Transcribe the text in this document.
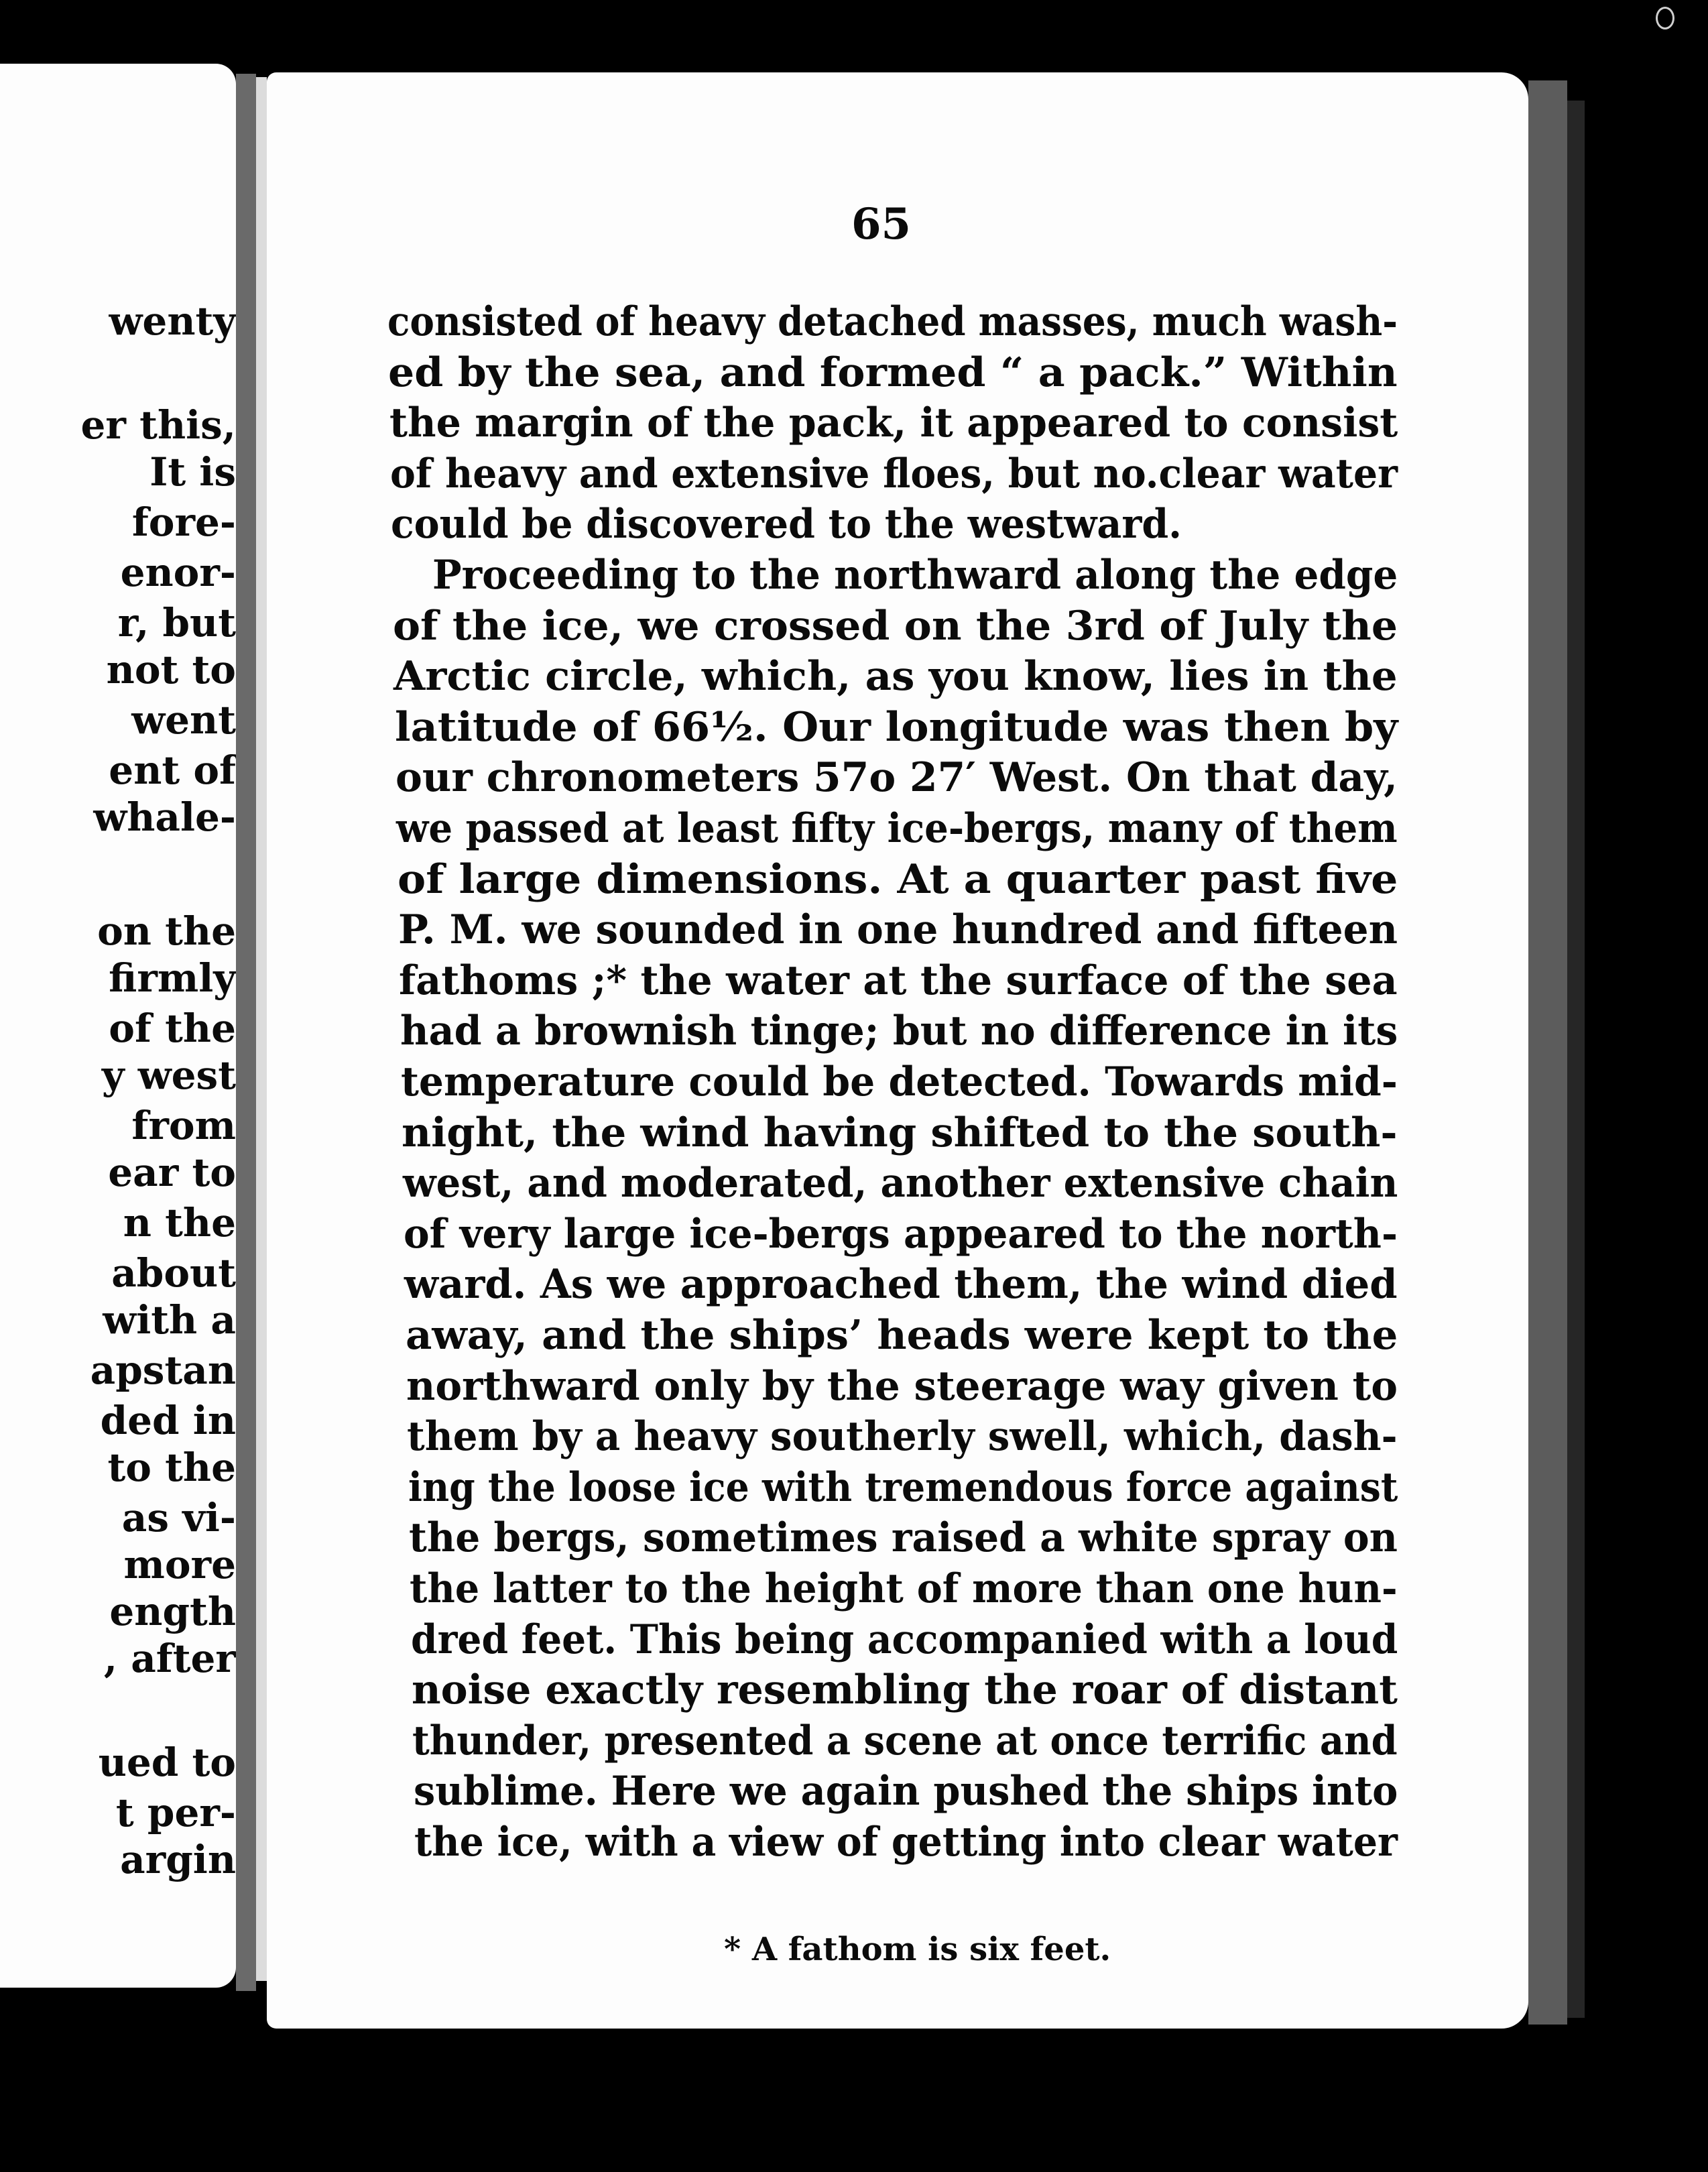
wenty
er this,
It is
fore-
enor-
r, but
not to
went
ent of
whale-
on the
firmly
of the
y west
from
ear to
n the
about
with a
apstan
ded in
to the
as vi-
more
ength
, after
ued to
t per-
argin
65
consisted of heavy detached masses, much wash-
ed by the sea, and formed “ a pack.” Within
the margin of the pack, it appeared to consist
of heavy and extensive floes, but no.clear water
could be discovered to the westward.
Proceeding to the northward along the edge
of the ice, we crossed on the 3rd of July the
Arctic circle, which, as you know, lies in the
latitude of 66½. Our longitude was then by
our chronometers 57o 27′ West. On that day,
we passed at least fifty ice-bergs, many of them
of large dimensions. At a quarter past five
P. M. we sounded in one hundred and fifteen
fathoms ;* the water at the surface of the sea
had a brownish tinge; but no difference in its
temperature could be detected. Towards mid-
night, the wind having shifted to the south-
west, and moderated, another extensive chain
of very large ice-bergs appeared to the north-
ward. As we approached them, the wind died
away, and the ships’ heads were kept to the
northward only by the steerage way given to
them by a heavy southerly swell, which, dash-
ing the loose ice with tremendous force against
the bergs, sometimes raised a white spray on
the latter to the height of more than one hun-
dred feet. This being accompanied with a loud
noise exactly resembling the roar of distant
thunder, presented a scene at once terrific and
sublime. Here we again pushed the ships into
the ice, with a view of getting into clear water
* A fathom is six feet.
